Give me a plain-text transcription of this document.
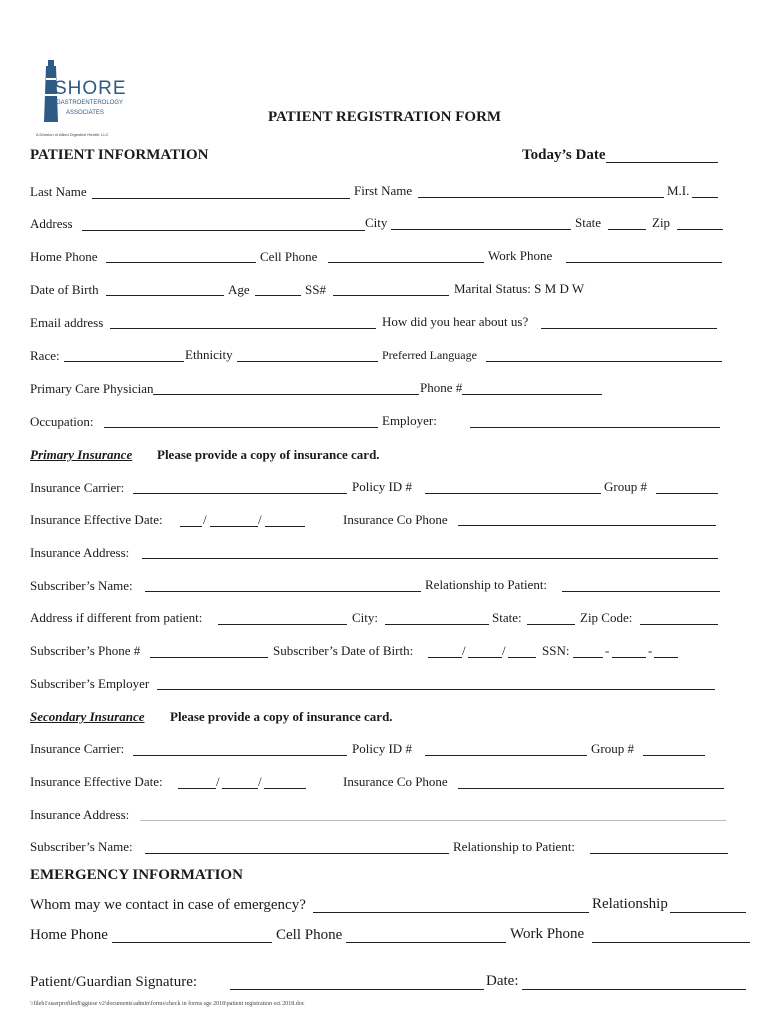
SHORE
GASTROENTEROLOGY
ASSOCIATES
A Division of Allied Digestive Health, LLC
PATIENT REGISTRATION FORM
PATIENT INFORMATION	Today’s Date
Last Name	First Name	M.I.
Address	City	State	Zip
Home Phone	Cell Phone	Work Phone
Date of Birth	Age	SS#	Marital Status: S M D W
Email address	How did you hear about us?
Race:	Ethnicity	Preferred Language
Primary Care Physician	Phone #
Occupation:	Employer:
Primary Insurance Please provide a copy of insurance card.
Insurance Carrier:	Policy ID #	Group #
Insurance Effective Date:	/	/	Insurance Co Phone
Insurance Address:
Subscriber’s Name:	Relationship to Patient:
Address if different from patient:	City:	State:	Zip Code:
Subscriber’s Phone #	Subscriber’s Date of Birth:	/	/	SSN:	-	-
Subscriber’s Employer
Secondary Insurance Please provide a copy of insurance card.
Insurance Carrier:	Policy ID #	Group #
Insurance Effective Date:	/	/	Insurance Co Phone
Insurance Address:
Subscriber’s Name:	Relationship to Patient:
EMERGENCY INFORMATION
Whom may we contact in case of emergency?	Relationship
Home Phone	Cell Phone	Work Phone
Patient/Guardian Signature:	Date:
\\fileb1\userprofiles$\ggiese v2\documents\admin\forms\check in forms sge 2018\patient registration oct 2018.doc
